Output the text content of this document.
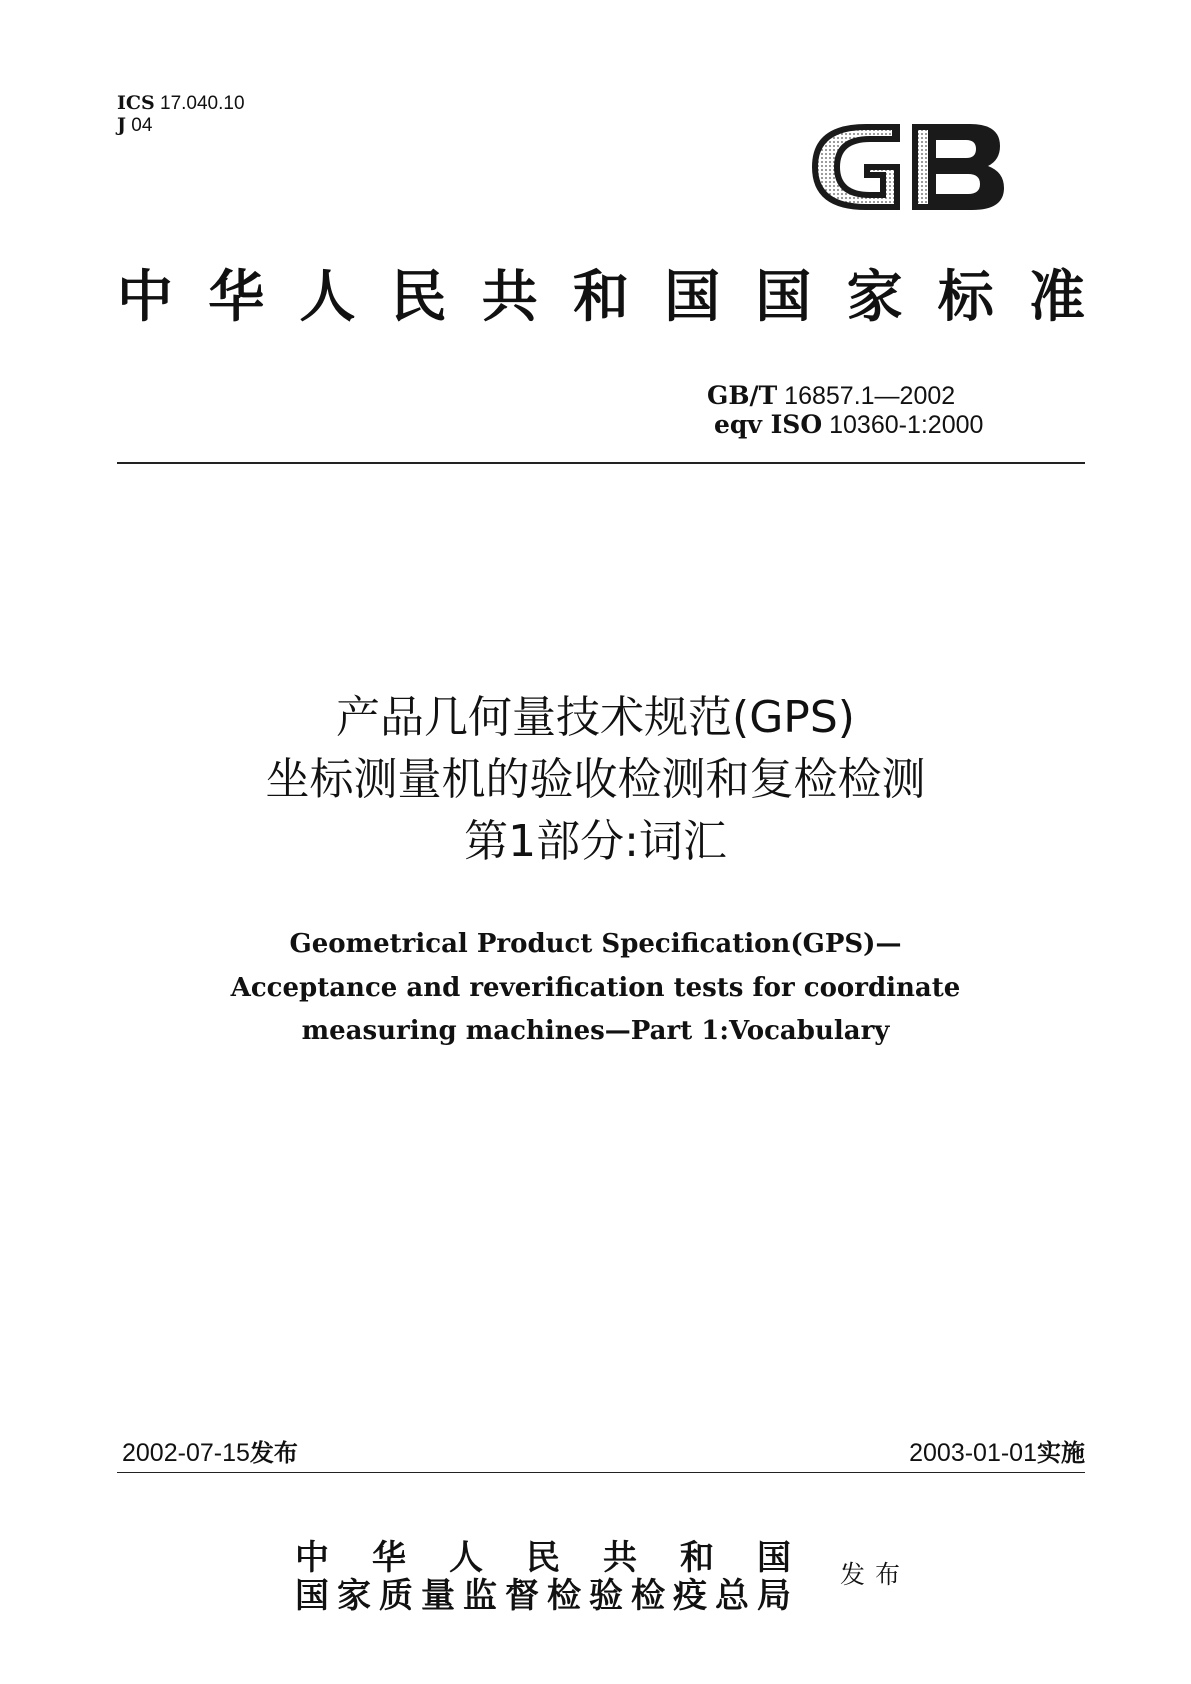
ICS 17.040.10
J 04
中华人民共和国国家标准
GB/T 16857.1—2002
eqv ISO 10360-1:2000
产品几何量技术规范(GPS)
坐标测量机的验收检测和复检检测
第1部分:词汇
Geometrical Product Specification(GPS)—
Acceptance and reverification tests for coordinate
measuring machines—Part 1:Vocabulary
2002-07-15发布	2003-01-01实施
中华人民共和国
国家质量监督检验检疫总局
发布
